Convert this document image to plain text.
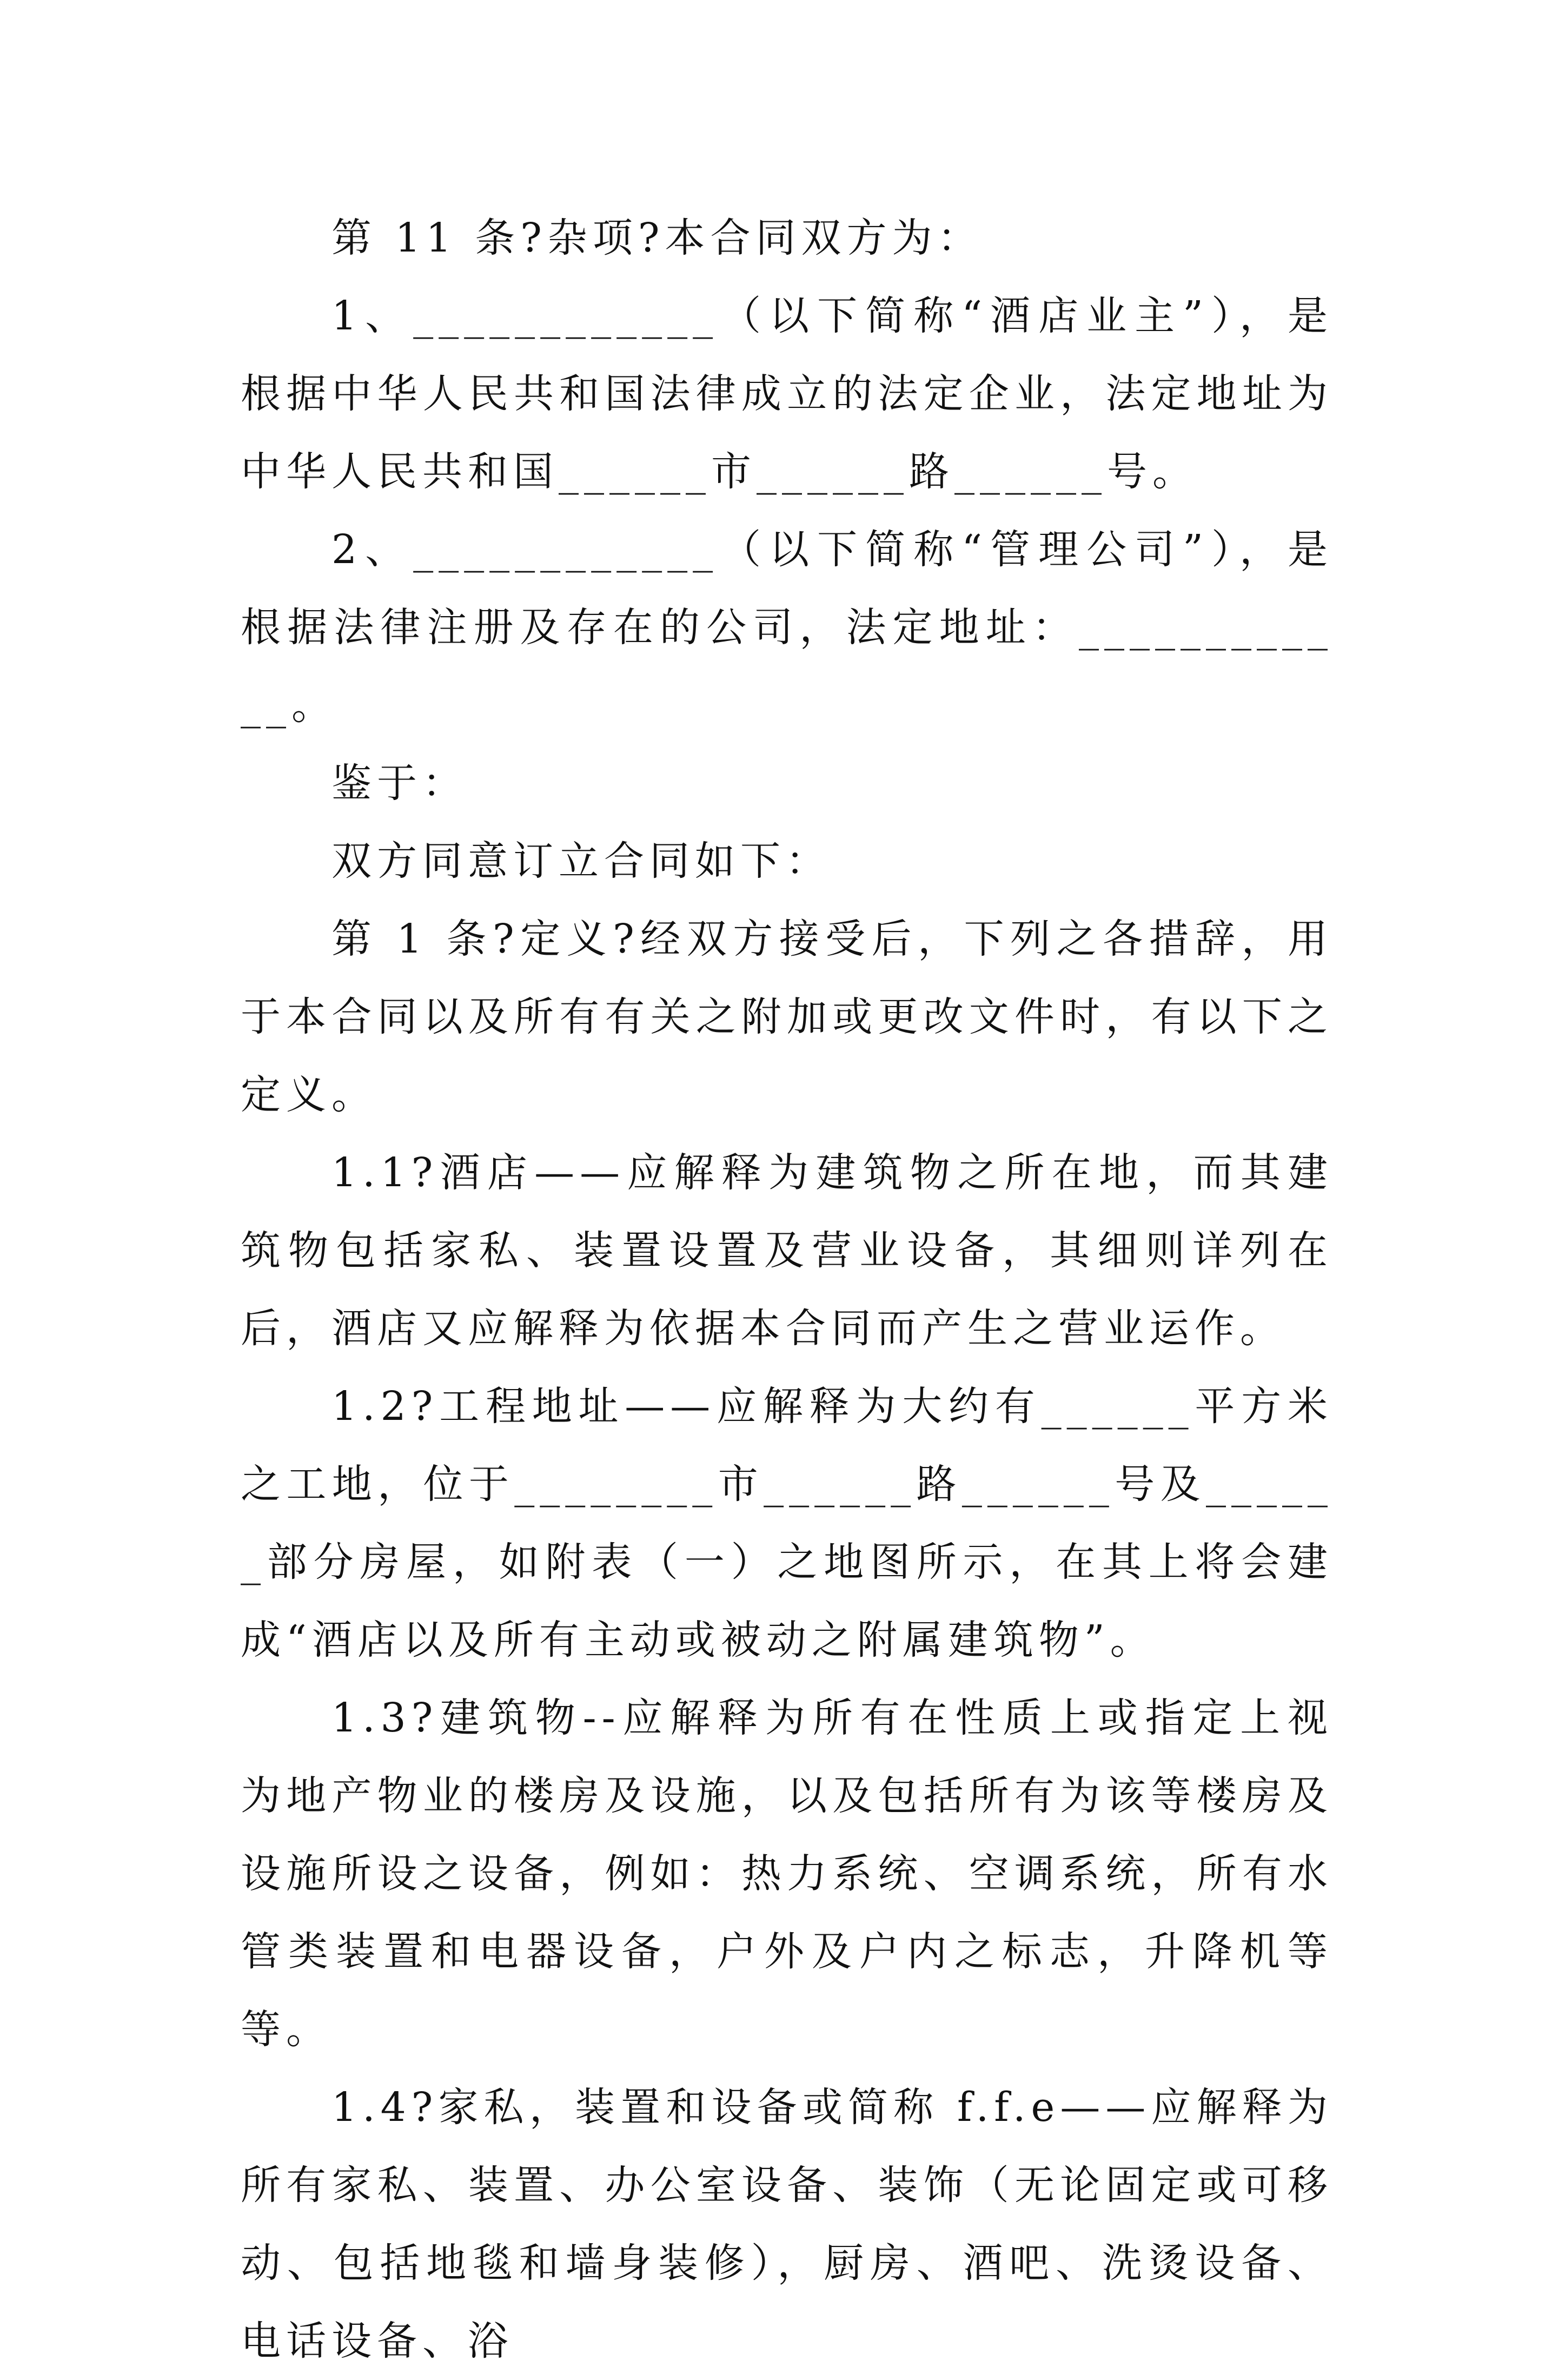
第 11 条?杂项?本合同双方为：

1、____________（以下简称“酒店业主”），是根据中华人民共和国法律成立的法定企业，法定地址为中华人民共和国______市______路______号。

2、____________（以下简称“管理公司”），是根据法律注册及存在的公司，法定地址：____________。

鉴于：

双方同意订立合同如下：

第 1 条?定义?经双方接受后，下列之各措辞，用于本合同以及所有有关之附加或更改文件时，有以下之定义。

1.1?酒店——应解释为建筑物之所在地，而其建筑物包括家私、装置设置及营业设备，其细则详列在后，酒店又应解释为依据本合同而产生之营业运作。

1.2?工程地址——应解释为大约有______平方米之工地，位于________市______路______号及______部分房屋，如附表（一）之地图所示，在其上将会建成“酒店以及所有主动或被动之附属建筑物”。

1.3?建筑物--应解释为所有在性质上或指定上视为地产物业的楼房及设施，以及包括所有为该等楼房及设施所设之设备，例如：热力系统、空调系统，所有水管类装置和电器设备，户外及户内之标志，升降机等等。

1.4?家私，装置和设备或简称 f.f.e——应解释为所有家私、装置、办公室设备、装饰（无论固定或可移动、包括地毯和墙身装修），厨房、酒吧、洗烫设备、电话设备、浴
